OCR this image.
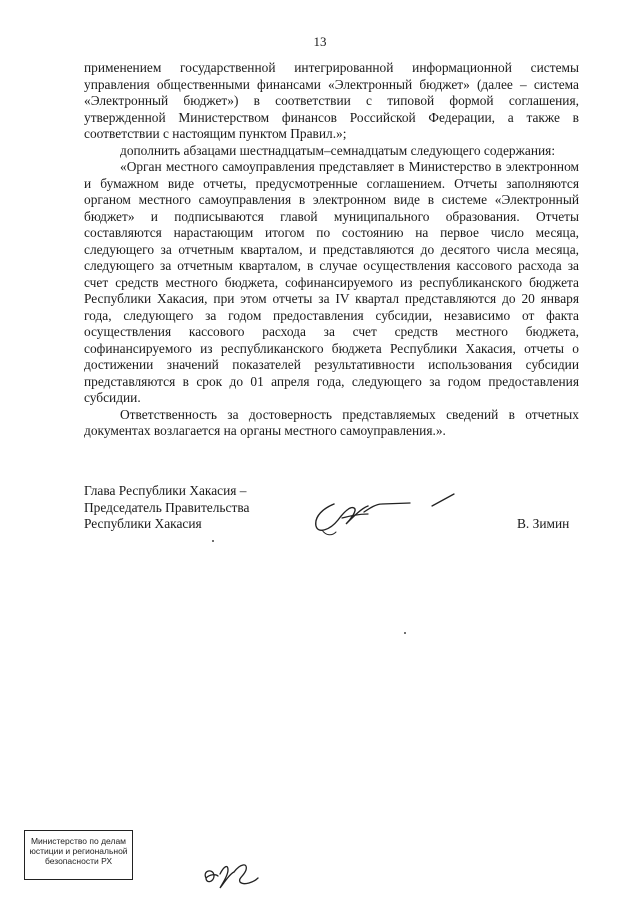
13

применением государственной интегрированной информационной системы управления общественными финансами «Электронный бюджет» (далее – система «Электронный бюджет») в соответствии с типовой формой соглашения, утвержденной Министерством финансов Российской Федерации, а также в соответствии с настоящим пунктом Правил.»;

дополнить абзацами шестнадцатым–семнадцатым следующего содержания:

«Орган местного самоуправления представляет в Министерство в электронном и бумажном виде отчеты, предусмотренные соглашением. Отчеты заполняются органом местного самоуправления в электронном виде в системе «Электронный бюджет» и подписываются главой муниципального образования. Отчеты составляются нарастающим итогом по состоянию на первое число месяца, следующего за отчетным кварталом, и представляются до десятого числа месяца, следующего за отчетным кварталом, в случае осуществления кассового расхода за счет средств местного бюджета, софинансируемого из республиканского бюджета Республики Хакасия, при этом отчеты за IV квартал представляются до 20 января года, следующего за годом предоставления субсидии, независимо от факта осуществления кассового расхода за счет средств местного бюджета, софинансируемого из республиканского бюджета Республики Хакасия, отчеты о достижении значений показателей результативности использования субсидии представляются в срок до 01 апреля года, следующего за годом предоставления субсидии.

Ответственность за достоверность представляемых сведений в отчетных документах возлагается на органы местного самоуправления.».

Глава Республики Хакасия –
Председатель Правительства
Республики Хакасия	В. Зимин
Министерство по делам
юстиции и региональной
безопасности РХ
